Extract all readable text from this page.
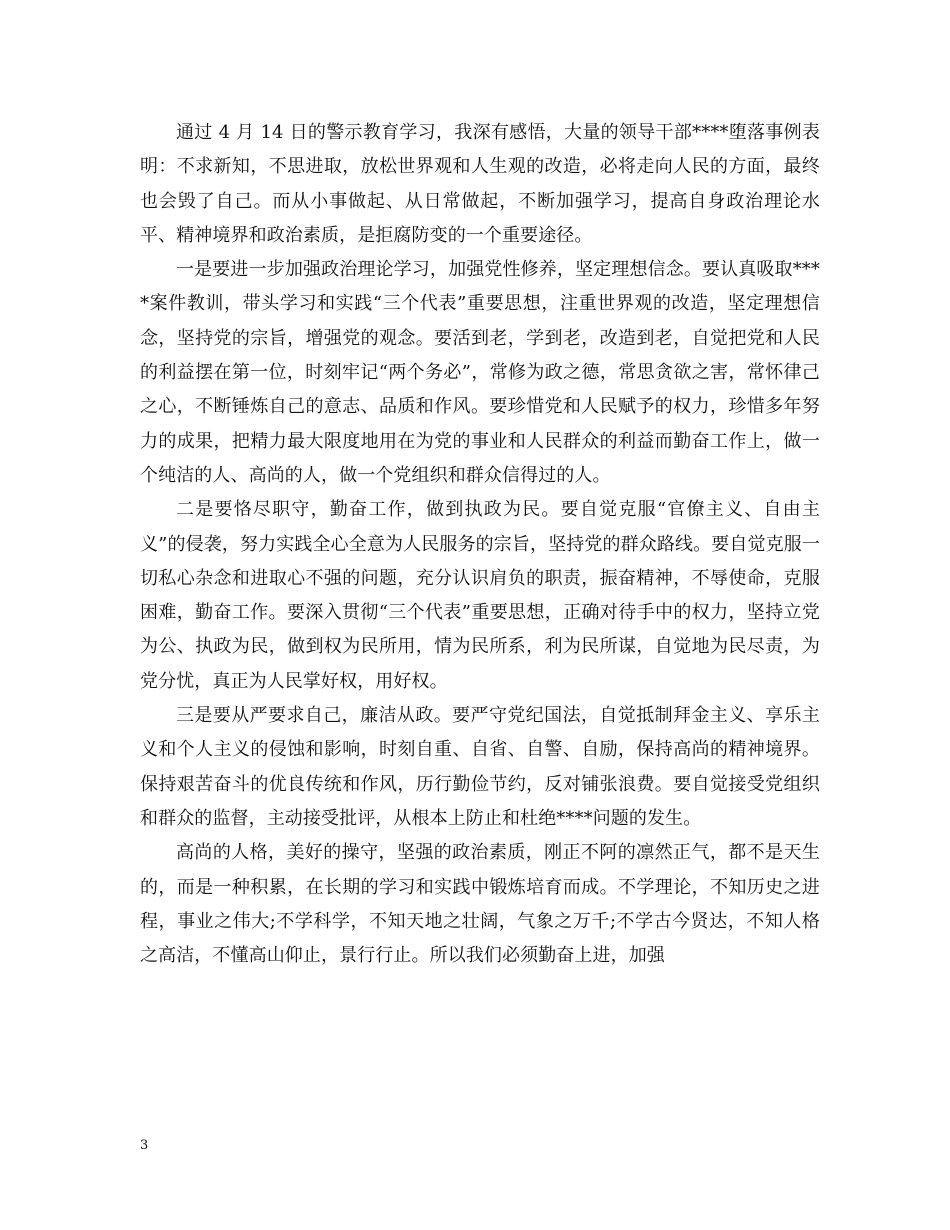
通过 4 月 14 日的警示教育学习，我深有感悟，大量的领导干部****堕落事例表明：不求新知，不思进取，放松世界观和人生观的改造，必将走向人民的方面，最终也会毁了自己。而从小事做起、从日常做起，不断加强学习，提高自身政治理论水平、精神境界和政治素质，是拒腐防变的一个重要途径。

一是要进一步加强政治理论学习，加强党性修养，坚定理想信念。要认真吸取****案件教训，带头学习和实践“三个代表”重要思想，注重世界观的改造，坚定理想信念，坚持党的宗旨，增强党的观念。要活到老，学到老，改造到老，自觉把党和人民的利益摆在第一位，时刻牢记“两个务必”，常修为政之德，常思贪欲之害，常怀律己之心，不断锤炼自己的意志、品质和作风。要珍惜党和人民赋予的权力，珍惜多年努力的成果，把精力最大限度地用在为党的事业和人民群众的利益而勤奋工作上，做一个纯洁的人、高尚的人，做一个党组织和群众信得过的人。

二是要恪尽职守，勤奋工作，做到执政为民。要自觉克服“官僚主义、自由主义”的侵袭，努力实践全心全意为人民服务的宗旨，坚持党的群众路线。要自觉克服一切私心杂念和进取心不强的问题，充分认识肩负的职责，振奋精神，不辱使命，克服困难，勤奋工作。要深入贯彻“三个代表”重要思想，正确对待手中的权力，坚持立党为公、执政为民，做到权为民所用，情为民所系，利为民所谋，自觉地为民尽责，为党分忧，真正为人民掌好权，用好权。

三是要从严要求自己，廉洁从政。要严守党纪国法，自觉抵制拜金主义、享乐主义和个人主义的侵蚀和影响，时刻自重、自省、自警、自励，保持高尚的精神境界。保持艰苦奋斗的优良传统和作风，历行勤俭节约，反对铺张浪费。要自觉接受党组织和群众的监督，主动接受批评，从根本上防止和杜绝****问题的发生。

高尚的人格，美好的操守，坚强的政治素质，刚正不阿的凛然正气，都不是天生的，而是一种积累，在长期的学习和实践中锻炼培育而成。不学理论，不知历史之进程，事业之伟大;不学科学，不知天地之壮阔，气象之万千;不学古今贤达，不知人格之高洁，不懂高山仰止，景行行止。所以我们必须勤奋上进，加强

3
